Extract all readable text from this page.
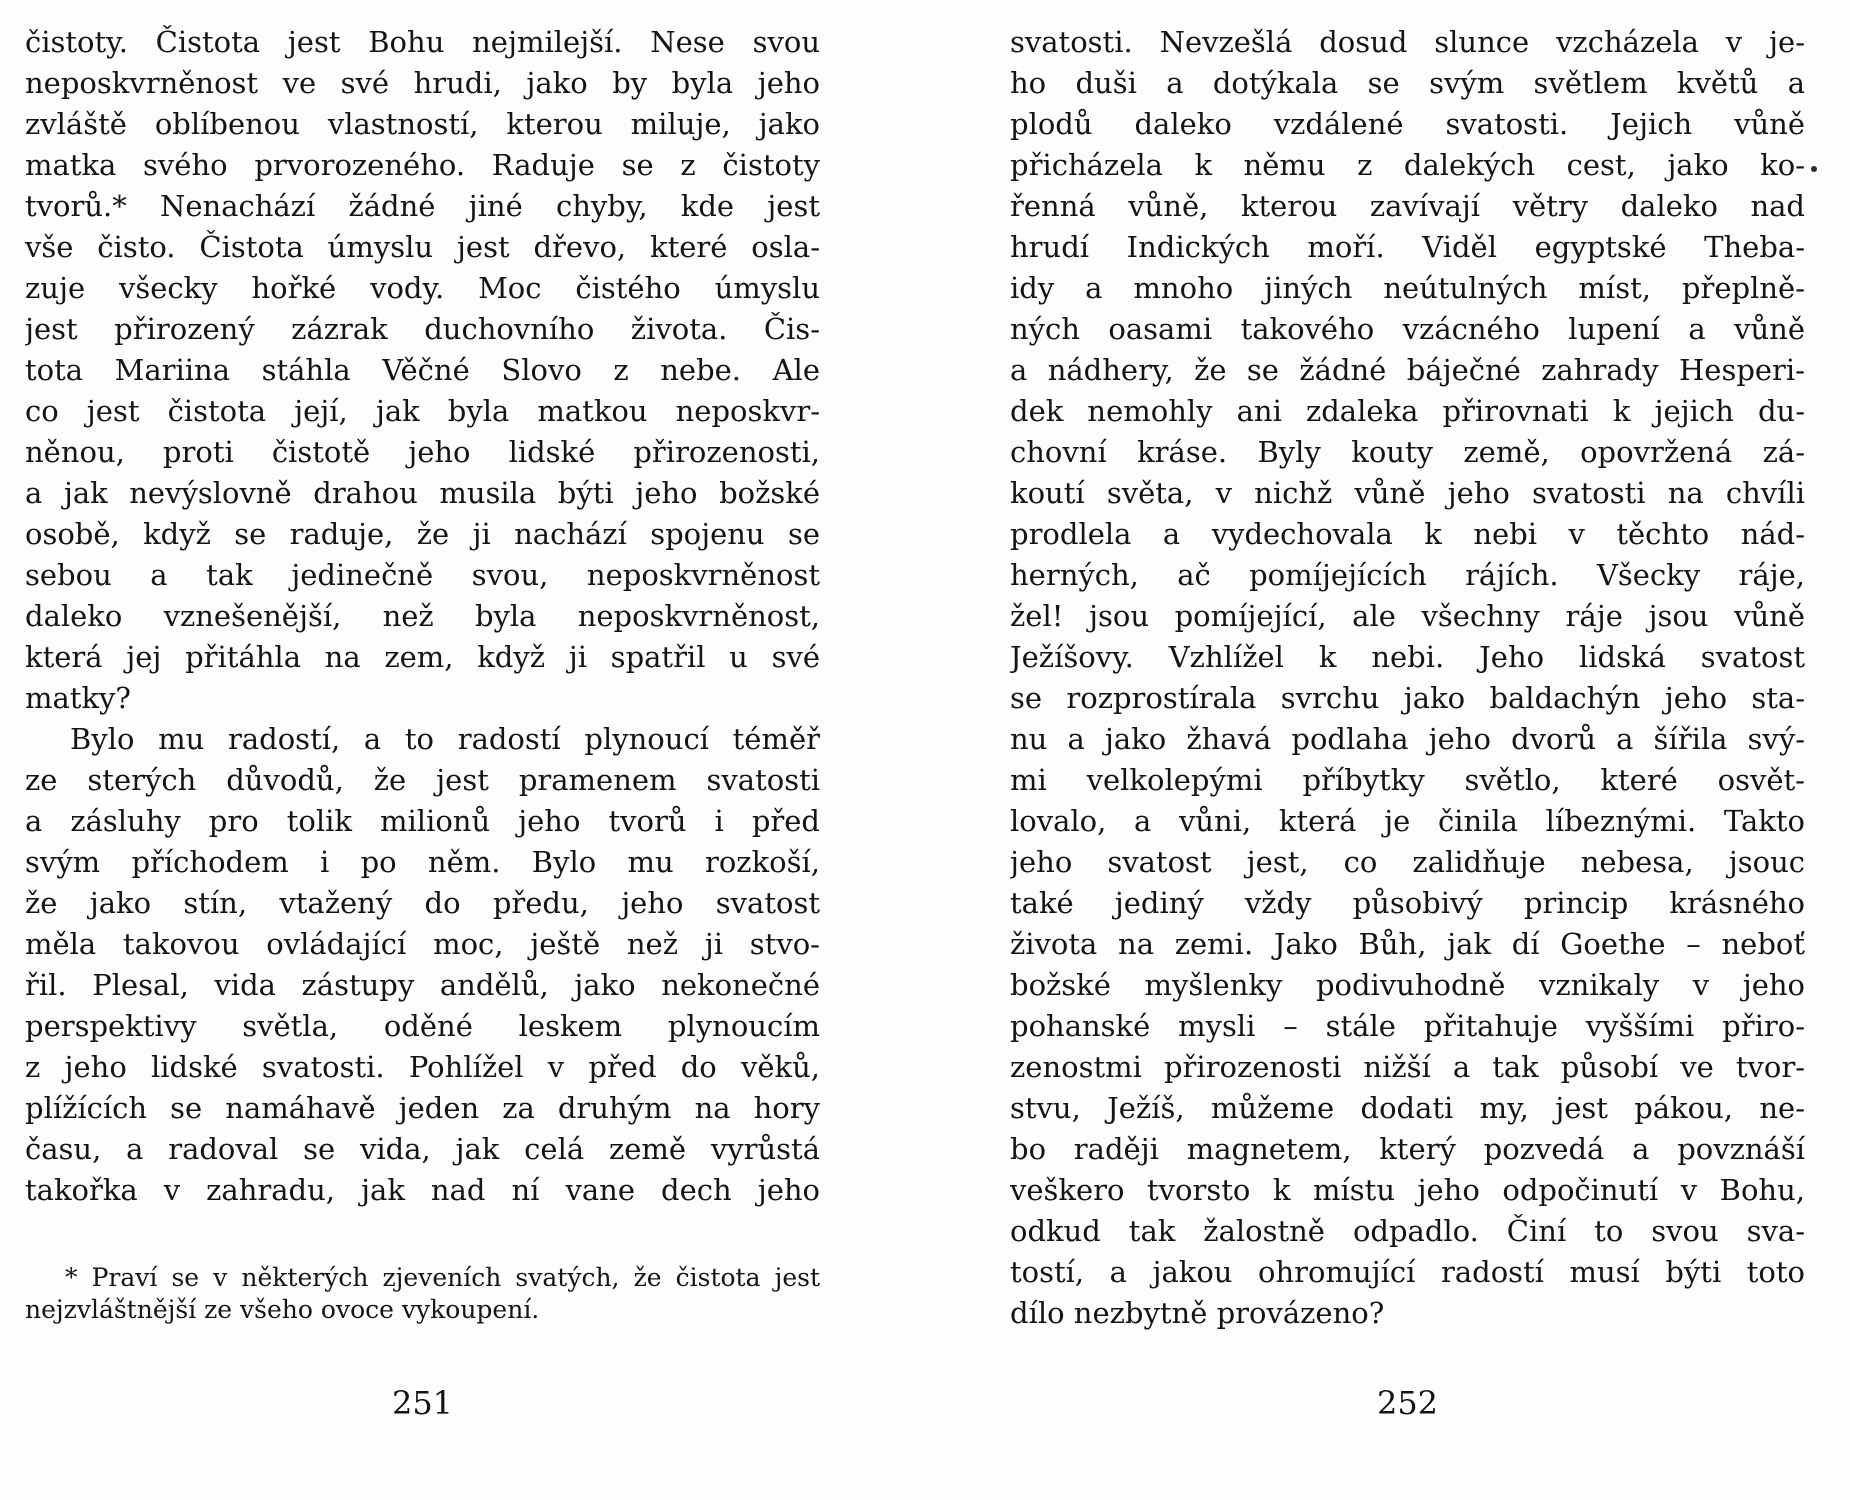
čistoty. Čistota jest Bohu nejmilejší. Nese svou
neposkvrněnost ve své hrudi, jako by byla jeho
zvláště oblíbenou vlastností, kterou miluje, jako
matka svého prvorozeného. Raduje se z čistoty
tvorů.* Nenachází žádné jiné chyby, kde jest
vše čisto. Čistota úmyslu jest dřevo, které osla-
zuje všecky hořké vody. Moc čistého úmyslu
jest přirozený zázrak duchovního života. Čis-
tota Mariina stáhla Věčné Slovo z nebe. Ale
co jest čistota její, jak byla matkou neposkvr-
něnou, proti čistotě jeho lidské přirozenosti,
a jak nevýslovně drahou musila býti jeho božské
osobě, když se raduje, že ji nachází spojenu se
sebou a tak jedinečně svou, neposkvrněnost
daleko vznešenější, než byla neposkvrněnost,
která jej přitáhla na zem, když ji spatřil u své
matky?
Bylo mu radostí, a to radostí plynoucí téměř
ze sterých důvodů, že jest pramenem svatosti
a zásluhy pro tolik milionů jeho tvorů i před
svým příchodem i po něm. Bylo mu rozkoší,
že jako stín, vtažený do předu, jeho svatost
měla takovou ovládající moc, ještě než ji stvo-
řil. Plesal, vida zástupy andělů, jako nekonečné
perspektivy světla, oděné leskem plynoucím
z jeho lidské svatosti. Pohlížel v před do věků,
plížících se namáhavě jeden za druhým na hory
času, a radoval se vida, jak celá země vyrůstá
takořka v zahradu, jak nad ní vane dech jeho
* Praví se v některých zjeveních svatých, že čistota jest
nejzvláštnější ze všeho ovoce vykoupení.
251
svatosti. Nevzešlá dosud slunce vzcházela v je-
ho duši a dotýkala se svým světlem květů a
plodů daleko vzdálené svatosti. Jejich vůně
přicházela k němu z dalekých cest, jako ko-
řenná vůně, kterou zavívají větry daleko nad
hrudí Indických moří. Viděl egyptské Theba-
idy a mnoho jiných neútulných míst, přeplně-
ných oasami takového vzácného lupení a vůně
a nádhery, že se žádné báječné zahrady Hesperi-
dek nemohly ani zdaleka přirovnati k jejich du-
chovní kráse. Byly kouty země, opovržená zá-
koutí světa, v nichž vůně jeho svatosti na chvíli
prodlela a vydechovala k nebi v těchto nád-
herných, ač pomíjejících rájích. Všecky ráje,
žel! jsou pomíjející, ale všechny ráje jsou vůně
Ježíšovy. Vzhlížel k nebi. Jeho lidská svatost
se rozprostírala svrchu jako baldachýn jeho sta-
nu a jako žhavá podlaha jeho dvorů a šířila svý-
mi velkolepými příbytky světlo, které osvět-
lovalo, a vůni, která je činila líbeznými. Takto
jeho svatost jest, co zalidňuje nebesa, jsouc
také jediný vždy působivý princip krásného
života na zemi. Jako Bůh, jak dí Goethe – neboť
božské myšlenky podivuhodně vznikaly v jeho
pohanské mysli – stále přitahuje vyššími přiro-
zenostmi přirozenosti nižší a tak působí ve tvor-
stvu, Ježíš, můžeme dodati my, jest pákou, ne-
bo raději magnetem, který pozvedá a povznáší
veškero tvorsto k místu jeho odpočinutí v Bohu,
odkud tak žalostně odpadlo. Činí to svou sva-
tostí, a jakou ohromující radostí musí býti toto
dílo nezbytně provázeno?
252
